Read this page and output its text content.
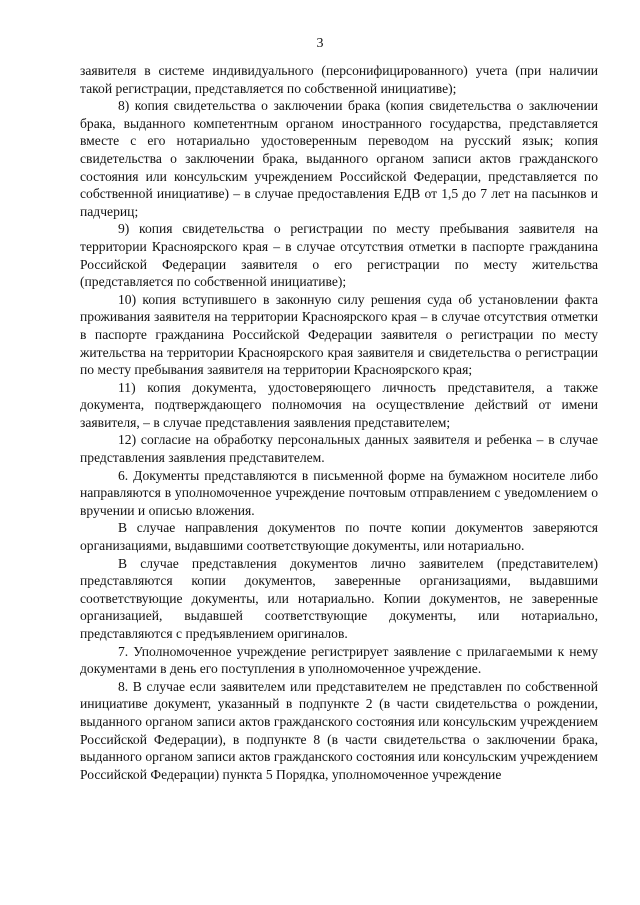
3

заявителя в системе индивидуального (персонифицированного) учета (при наличии такой регистрации, представляется по собственной инициативе);

8) копия свидетельства о заключении брака (копия свидетельства о заключении брака, выданного компетентным органом иностранного государства, представляется вместе с его нотариально удостоверенным переводом на русский язык; копия свидетельства о заключении брака, выданного органом записи актов гражданского состояния или консульским учреждением Российской Федерации, представляется по собственной инициативе) – в случае предоставления ЕДВ от 1,5 до 7 лет на пасынков и падчериц;

9) копия свидетельства о регистрации по месту пребывания заявителя на территории Красноярского края – в случае отсутствия отметки в паспорте гражданина Российской Федерации заявителя о его регистрации по месту жительства (представляется по собственной инициативе);

10) копия вступившего в законную силу решения суда об установлении факта проживания заявителя на территории Красноярского края – в случае отсутствия отметки в паспорте гражданина Российской Федерации заявителя о регистрации по месту жительства на территории Красноярского края заявителя и свидетельства о регистрации по месту пребывания заявителя на территории Красноярского края;

11) копия документа, удостоверяющего личность представителя, а также документа, подтверждающего полномочия на осуществление действий от имени заявителя, – в случае представления заявления представителем;

12) согласие на обработку персональных данных заявителя и ребенка – в случае представления заявления представителем.

6. Документы представляются в письменной форме на бумажном носителе либо направляются в уполномоченное учреждение почтовым отправлением с уведомлением о вручении и описью вложения.

В случае направления документов по почте копии документов заверяются организациями, выдавшими соответствующие документы, или нотариально.

В случае представления документов лично заявителем (представителем) представляются копии документов, заверенные организациями, выдавшими соответствующие документы, или нотариально. Копии документов, не заверенные организацией, выдавшей соответствующие документы, или нотариально, представляются с предъявлением оригиналов.

7. Уполномоченное учреждение регистрирует заявление с прилагаемыми к нему документами в день его поступления в уполномоченное учреждение.

8. В случае если заявителем или представителем не представлен по собственной инициативе документ, указанный в подпункте 2 (в части свидетельства о рождении, выданного органом записи актов гражданского состояния или консульским учреждением Российской Федерации), в подпункте 8 (в части свидетельства о заключении брака, выданного органом записи актов гражданского состояния или консульским учреждением Российской Федерации) пункта 5 Порядка, уполномоченное учреждение
